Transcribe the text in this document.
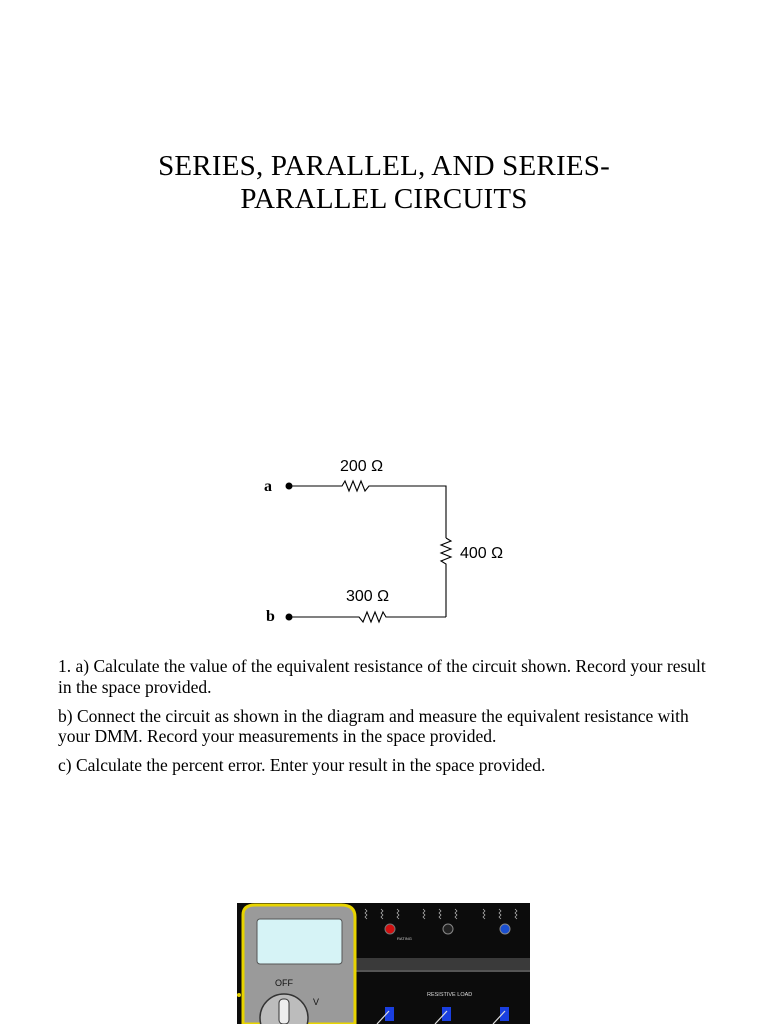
SERIES, PARALLEL, AND SERIES-
PARALLEL CIRCUITS
a
200 Ω
400 Ω
300 Ω
b

1. a) Calculate the value of the equivalent resistance of the circuit shown. Record your result in the space provided.

b) Connect the circuit as shown in the diagram and measure the equivalent resistance with your DMM. Record your measurements in the space provided.

c) Calculate the percent error. Enter your result in the space provided.

RATING
RESISTIVE LOAD
OFF
V
